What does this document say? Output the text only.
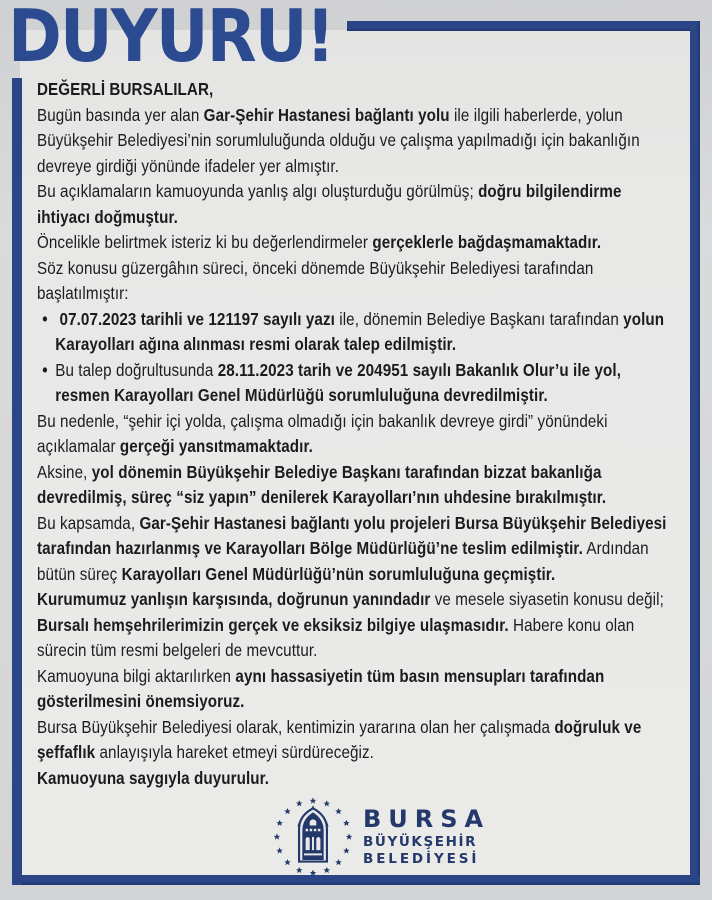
DUYURU!

DEĞERLİ BURSALILAR,

Bugün basında yer alan Gar-Şehir Hastanesi bağlantı yolu ile ilgili haberlerde, yolun Büyükşehir Belediyesi’nin sorumluluğunda olduğu ve çalışma yapılmadığı için bakanlığın devreye girdiği yönünde ifadeler yer almıştır.

Bu açıklamaların kamuoyunda yanlış algı oluşturduğu görülmüş; doğru bilgilendirme ihtiyacı doğmuştur.

Öncelikle belirtmek isteriz ki bu değerlendirmeler gerçeklerle bağdaşmamaktadır.

Söz konusu güzergâhın süreci, önceki dönemde Büyükşehir Belediyesi tarafından başlatılmıştır:

•  07.07.2023 tarihli ve 121197 sayılı yazı ile, dönemin Belediye Başkanı tarafından yolun Karayolları ağına alınması resmi olarak talep edilmiştir.

• Bu talep doğrultusunda 28.11.2023 tarih ve 204951 sayılı Bakanlık Olur’u ile yol, resmen Karayolları Genel Müdürlüğü sorumluluğuna devredilmiştir.

Bu nedenle, “şehir içi yolda, çalışma olmadığı için bakanlık devreye girdi” yönündeki açıklamalar gerçeği yansıtmamaktadır.

Aksine, yol dönemin Büyükşehir Belediye Başkanı tarafından bizzat bakanlığa devredilmiş, süreç “siz yapın” denilerek Karayolları’nın uhdesine bırakılmıştır.

Bu kapsamda, Gar-Şehir Hastanesi bağlantı yolu projeleri Bursa Büyükşehir Belediyesi tarafından hazırlanmış ve Karayolları Bölge Müdürlüğü’ne teslim edilmiştir. Ardından bütün süreç Karayolları Genel Müdürlüğü’nün sorumluluğuna geçmiştir.

Kurumumuz yanlışın karşısında, doğrunun yanındadır ve mesele siyasetin konusu değil; Bursalı hemşehrilerimizin gerçek ve eksiksiz bilgiye ulaşmasıdır. Habere konu olan sürecin tüm resmi belgeleri de mevcuttur.

Kamuoyuna bilgi aktarılırken aynı hassasiyetin tüm basın mensupları tarafından gösterilmesini önemsiyoruz.

Bursa Büyükşehir Belediyesi olarak, kentimizin yararına olan her çalışmada doğruluk ve şeffaflık anlayışıyla hareket etmeyi sürdüreceğiz.

Kamuoyuna saygıyla duyurulur.

BURSA
BÜYÜKŞEHİR
BELEDİYESİ
